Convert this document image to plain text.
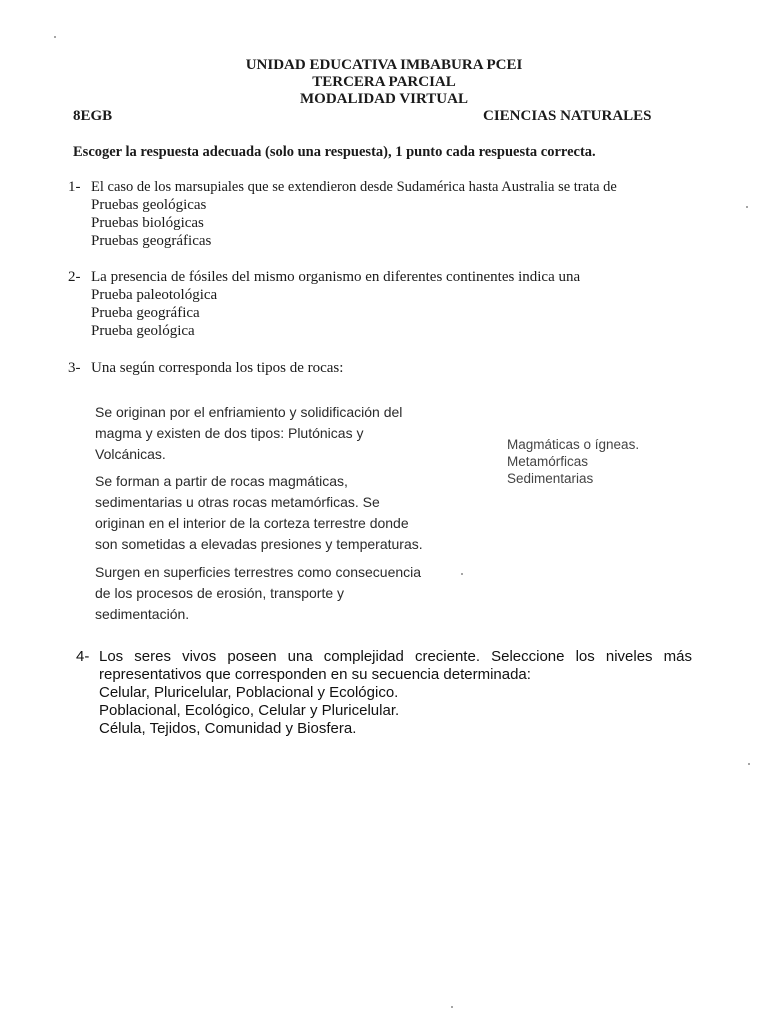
UNIDAD EDUCATIVA IMBABURA PCEI
TERCERA PARCIAL
MODALIDAD VIRTUAL
8EGB	CIENCIAS NATURALES
Escoger la respuesta adecuada (solo una respuesta), 1 punto cada respuesta correcta.
1- El caso de los marsupiales que se extendieron desde Sudamérica hasta Australia se trata de
Pruebas geológicas
Pruebas biológicas
Pruebas geográficas
2- La presencia de fósiles del mismo organismo en diferentes continentes indica una
Prueba paleotológica
Prueba geográfica
Prueba geológica
3- Una según corresponda los tipos de rocas:
Se originan por el enfriamiento y solidificación del
magma y existen de dos tipos: Plutónicas y
Volcánicas.
Se forman a partir de rocas magmáticas,
sedimentarias u otras rocas metamórficas. Se
originan en el interior de la corteza terrestre donde
son sometidas a elevadas presiones y temperaturas.
Surgen en superficies terrestres como consecuencia
de los procesos de erosión, transporte y
sedimentación.
Magmáticas o ígneas.
Metamórficas
Sedimentarias
4- Los seres vivos poseen una complejidad creciente. Seleccione los niveles más
representativos que corresponden en su secuencia determinada:
Celular, Pluricelular, Poblacional y Ecológico.
Poblacional, Ecológico, Celular y Pluricelular.
Célula, Tejidos, Comunidad y Biosfera.
